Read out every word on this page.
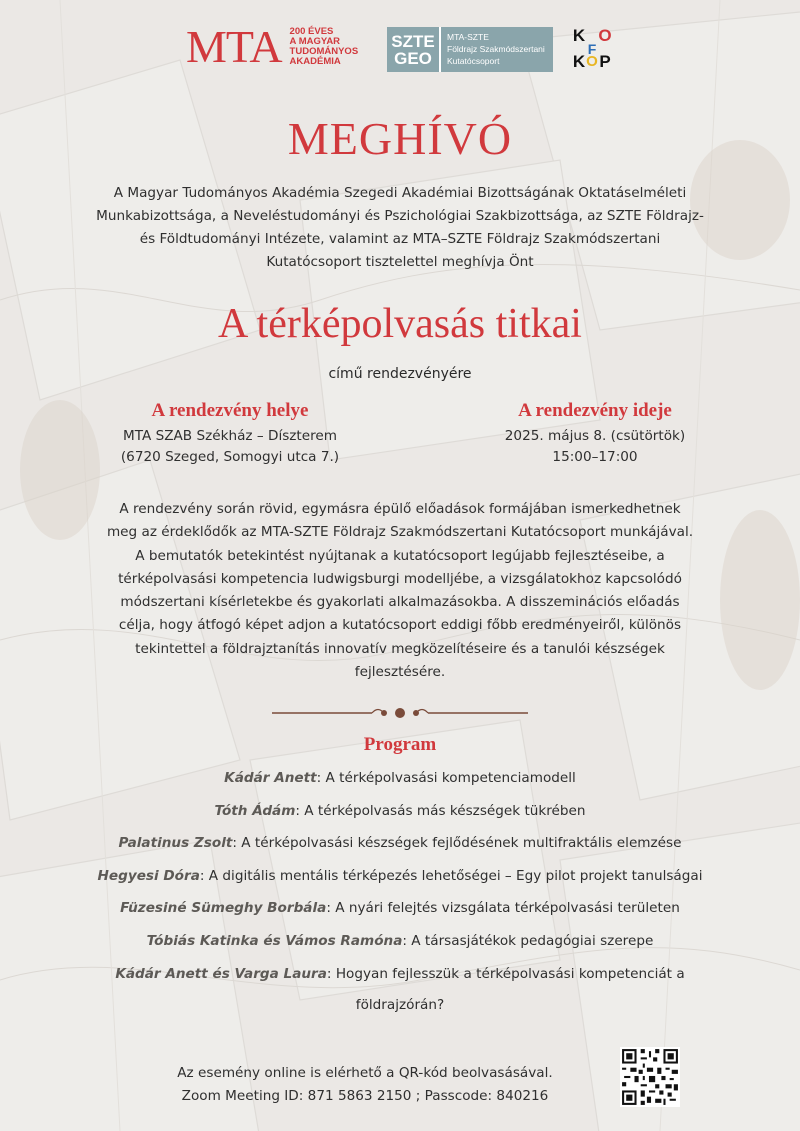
MTA 200 ÉVES
A MAGYAR
TUDOMÁNYOS
AKADÉMIA
SZTE
GEO
MTA-SZTE
Földrajz Szakmódszertani
Kutatócsoport
K O
F
K O P
MEGHÍVÓ
A Magyar Tudományos Akadémia Szegedi Akadémiai Bizottságának Oktatáselméleti
Munkabizottsága, a Neveléstudományi és Pszichológiai Szakbizottsága, az SZTE Földrajz-
és Földtudományi Intézete, valamint az MTA–SZTE Földrajz Szakmódszertani
Kutatócsoport tisztelettel meghívja Önt
A térképolvasás titkai
című rendezvényére
A rendezvény helye
MTA SZAB Székház – Díszterem
(6720 Szeged, Somogyi utca 7.)
A rendezvény ideje
2025. május 8. (csütörtök)
15:00–17:00
A rendezvény során rövid, egymásra épülő előadások formájában ismerkedhetnek
meg az érdeklődők az MTA-SZTE Földrajz Szakmódszertani Kutatócsoport munkájával.
A bemutatók betekintést nyújtanak a kutatócsoport legújabb fejlesztéseibe, a
térképolvasási kompetencia ludwigsburgi modelljébe, a vizsgálatokhoz kapcsolódó
módszertani kísérletekbe és gyakorlati alkalmazásokba. A disszeminációs előadás
célja, hogy átfogó képet adjon a kutatócsoport eddigi főbb eredményeiről, különös
tekintettel a földrajztanítás innovatív megközelítéseire és a tanulói készségek
fejlesztésére.
Program
Kádár Anett: A térképolvasási kompetenciamodell
Tóth Ádám: A térképolvasás más készségek tükrében
Palatinus Zsolt: A térképolvasási készségek fejlődésének multifraktális elemzése
Hegyesi Dóra: A digitális mentális térképezés lehetőségei – Egy pilot projekt tanulságai
Füzesiné Sümeghy Borbála: A nyári felejtés vizsgálata térképolvasási területen
Tóbiás Katinka és Vámos Ramóna: A társasjátékok pedagógiai szerepe
Kádár Anett és Varga Laura: Hogyan fejlesszük a térképolvasási kompetenciát a
földrajzórán?
Az esemény online is elérhető a QR-kód beolvasásával.
Zoom Meeting ID: 871 5863 2150 ; Passcode: 840216
